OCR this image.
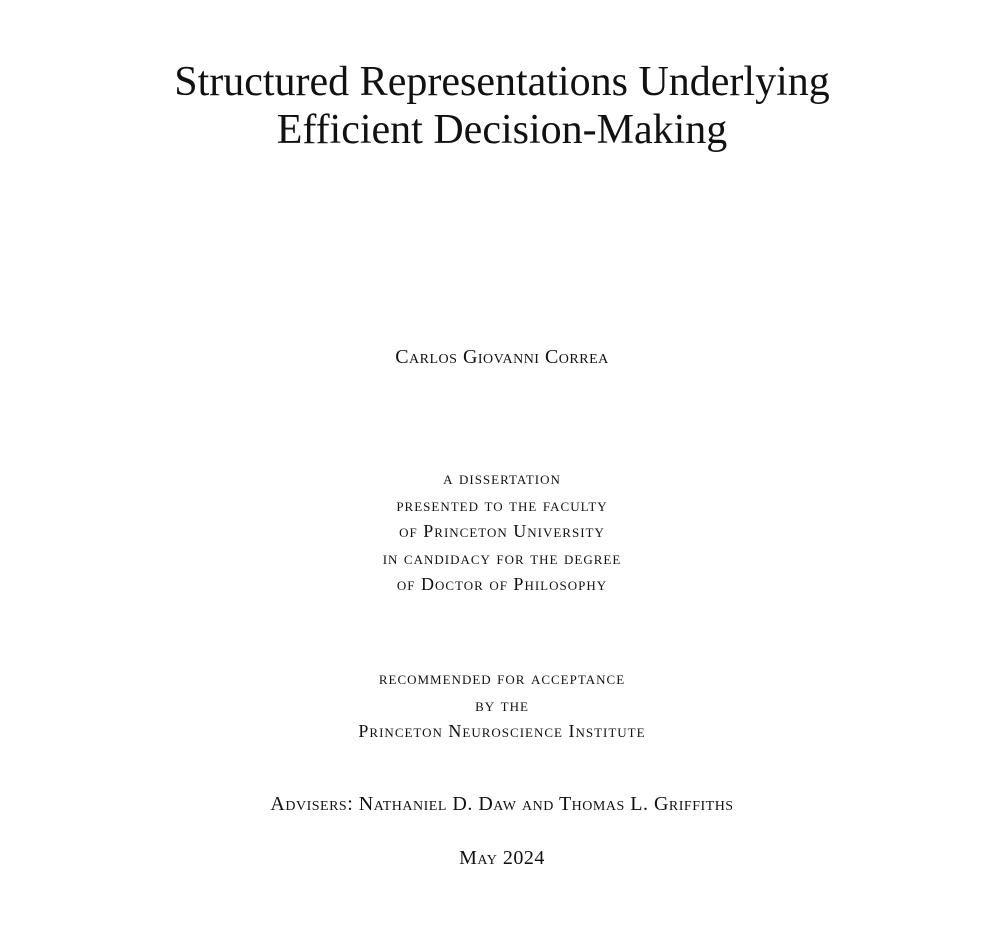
Structured Representations Underlying
Efficient Decision-Making
Carlos Giovanni Correa
a dissertation
presented to the faculty
of Princeton University
in candidacy for the degree
of Doctor of Philosophy
recommended for acceptance
by the
Princeton Neuroscience Institute
Advisers: Nathaniel D. Daw and Thomas L. Griffiths
May 2024
